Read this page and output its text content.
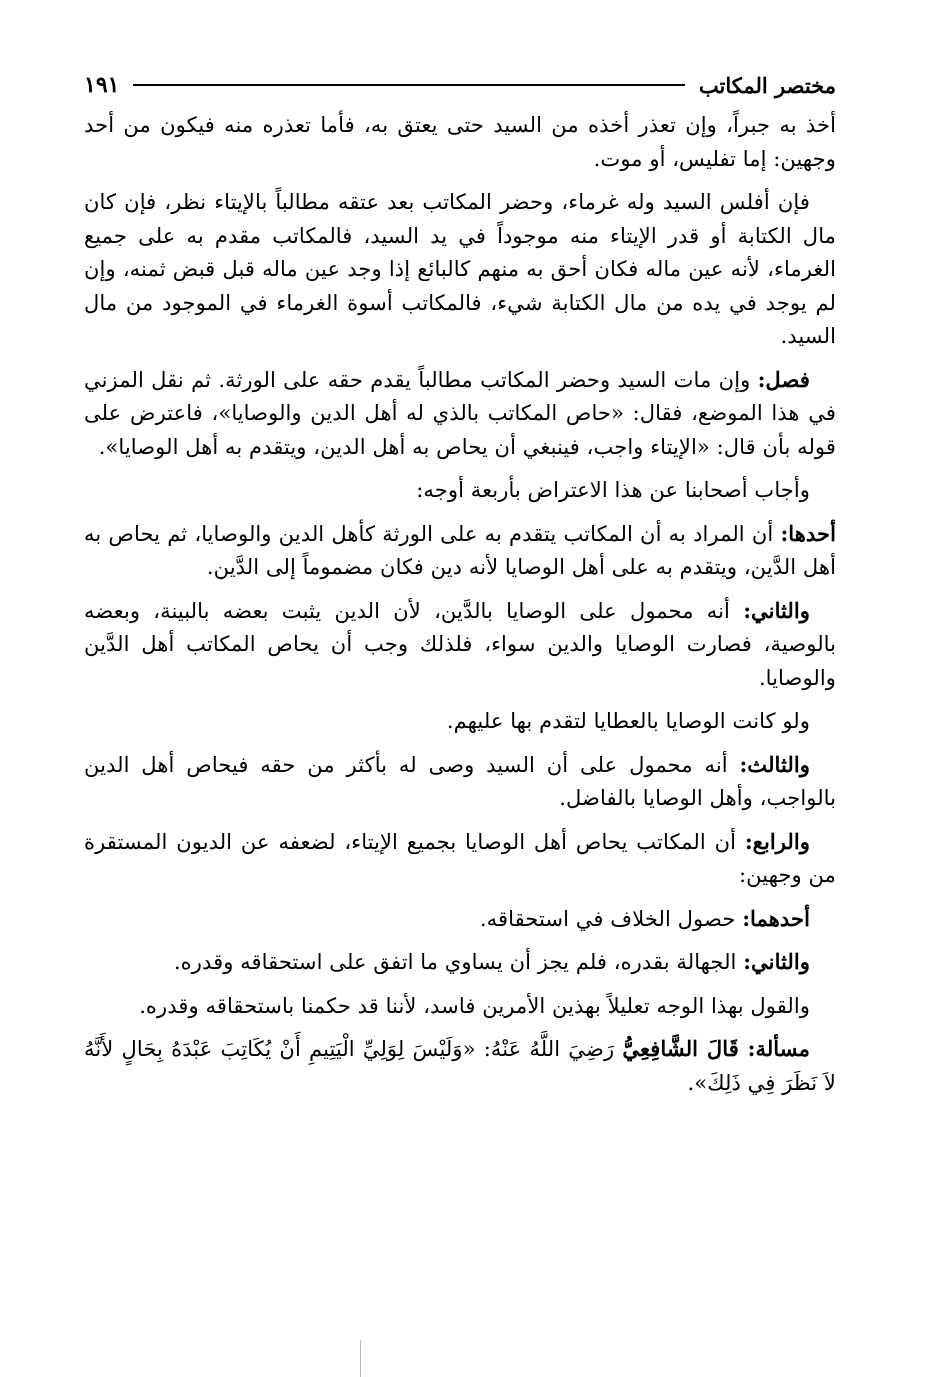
مختصر المكاتب
١٩١

أخذ به جبراً، وإن تعذر أخذه من السيد حتى يعتق به، فأما تعذره منه فيكون من أحد وجهين: إما تفليس، أو موت.

فإن أفلس السيد وله غرماء، وحضر المكاتب بعد عتقه مطالباً بالإيتاء نظر، فإن كان مال الكتابة أو قدر الإيتاء منه موجوداً في يد السيد، فالمكاتب مقدم به على جميع الغرماء، لأنه عين ماله فكان أحق به منهم كالبائع إذا وجد عين ماله قبل قبض ثمنه، وإن لم يوجد في يده من مال الكتابة شيء، فالمكاتب أسوة الغرماء في الموجود من مال السيد.

فصل: وإن مات السيد وحضر المكاتب مطالباً يقدم حقه على الورثة. ثم نقل المزني في هذا الموضع، فقال: «حاص المكاتب بالذي له أهل الدين والوصايا»، فاعترض على قوله بأن قال: «الإيتاء واجب، فينبغي أن يحاص به أهل الدين، ويتقدم به أهل الوصايا».

وأجاب أصحابنا عن هذا الاعتراض بأربعة أوجه:

أحدها: أن المراد به أن المكاتب يتقدم به على الورثة كأهل الدين والوصايا، ثم يحاص به أهل الدَّين، ويتقدم به على أهل الوصايا لأنه دين فكان مضموماً إلى الدَّين.

والثاني: أنه محمول على الوصايا بالدَّين، لأن الدين يثبت بعضه بالبينة، وبعضه بالوصية، فصارت الوصايا والدين سواء، فلذلك وجب أن يحاص المكاتب أهل الدَّين والوصايا.

ولو كانت الوصايا بالعطايا لتقدم بها عليهم.

والثالث: أنه محمول على أن السيد وصى له بأكثر من حقه فيحاص أهل الدين بالواجب، وأهل الوصايا بالفاضل.

والرابع: أن المكاتب يحاص أهل الوصايا بجميع الإيتاء، لضعفه عن الديون المستقرة من وجهين:

أحدهما: حصول الخلاف في استحقاقه.

والثاني: الجهالة بقدره، فلم يجز أن يساوي ما اتفق على استحقاقه وقدره.

والقول بهذا الوجه تعليلاً بهذين الأمرين فاسد، لأننا قد حكمنا باستحقاقه وقدره.

مسألة: قَالَ الشَّافِعِيُّ رَضِيَ اللَّهُ عَنْهُ: «وَلَيْسَ لِوَلِيِّ الْيَتِيمِ أَنْ يُكَاتِبَ عَبْدَهُ بِحَالٍ لأَنَّهُ لاَ نَظَرَ فِي ذَلِكَ».
